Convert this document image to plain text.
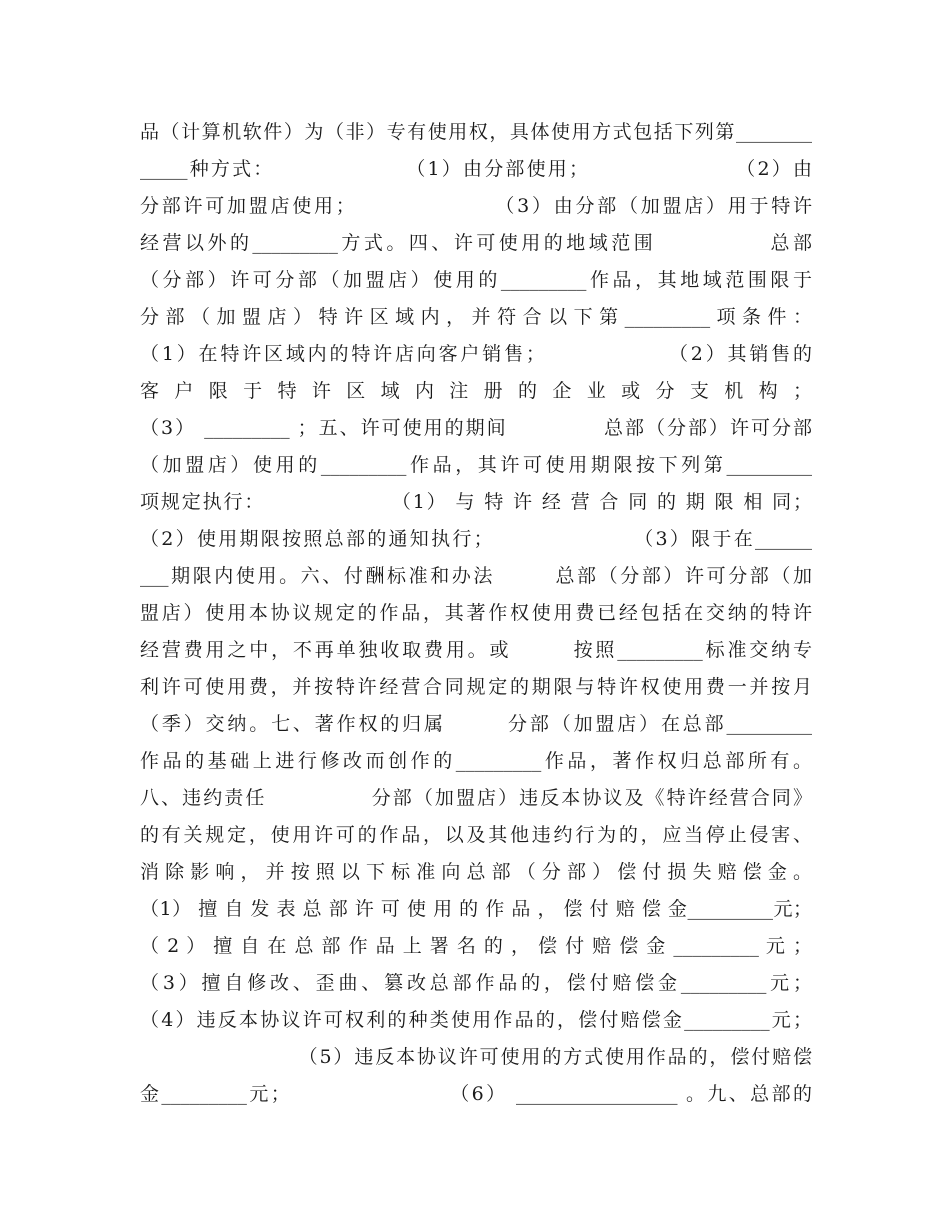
品（计算机软件）为（非）专有使用权，具体使用方式包括下列第________
_____种方式：                （1）由分部使用；                  （2）由
分部许可加盟店使用；                （3）由分部（加盟店）用于特许
经营以外的_________方式。四、许可使用的地域范围            总部
（分部）许可分部（加盟店）使用的_________作品，其地域范围限于
分 部 （ 加 盟 店 ） 特 许 区 域 内 ， 并 符 合 以 下 第 _________ 项 条 件 ：
（1）在特许区域内的特许店向客户销售；              （2）其销售的
客 户 限 于 特 许 区 域 内 注 册 的 企 业 或 分 支 机 构 ；
（3） _________ ；五、许可使用的期间            总部（分部）许可分部
（加盟店）使用的_________作品，其许可使用期限按下列第_________
项规定执行：                （1） 与 特 许 经 营 合 同 的 期 限 相 同；
（2）使用期限按照总部的通知执行；                 （3）限于在______
___期限内使用。六、付酬标准和办法       总部（分部）许可分部（加
盟店）使用本协议规定的作品，其著作权使用费已经包括在交纳的特许
经营费用之中，不再单独收取费用。或       按照_________标准交纳专
利许可使用费，并按特许经营合同规定的期限与特许权使用费一并按月
（季）交纳。七、著作权的归属       分部（加盟店）在总部_________
作品的基础上进行修改而创作的_________作品，著作权归总部所有。
八、违约责任             分部（加盟店）违反本协议及《特许经营合同》
的有关规定，使用许可的作品，以及其他违约行为的，应当停止侵害、
消 除 影 响 ， 并 按 照 以 下 标 准 向 总 部 （ 分 部 ） 偿 付 损 失 赔 偿 金 。
（1） 擅 自 发 表 总 部 许 可 使 用 的 作 品 ， 偿 付 赔 偿 金_________元；
（ 2 ） 擅 自 在 总 部 作 品 上 署 名 的 ， 偿 付 赔 偿 金 _________ 元 ；
（3）擅自修改、歪曲、篡改总部作品的，偿付赔偿金_________元；
（4）违反本协议许可权利的种类使用作品的，偿付赔偿金_________元；
（5）违反本协议许可使用的方式使用作品的，偿付赔偿
金_________元；                   （6） _________________ 。九、总部的
